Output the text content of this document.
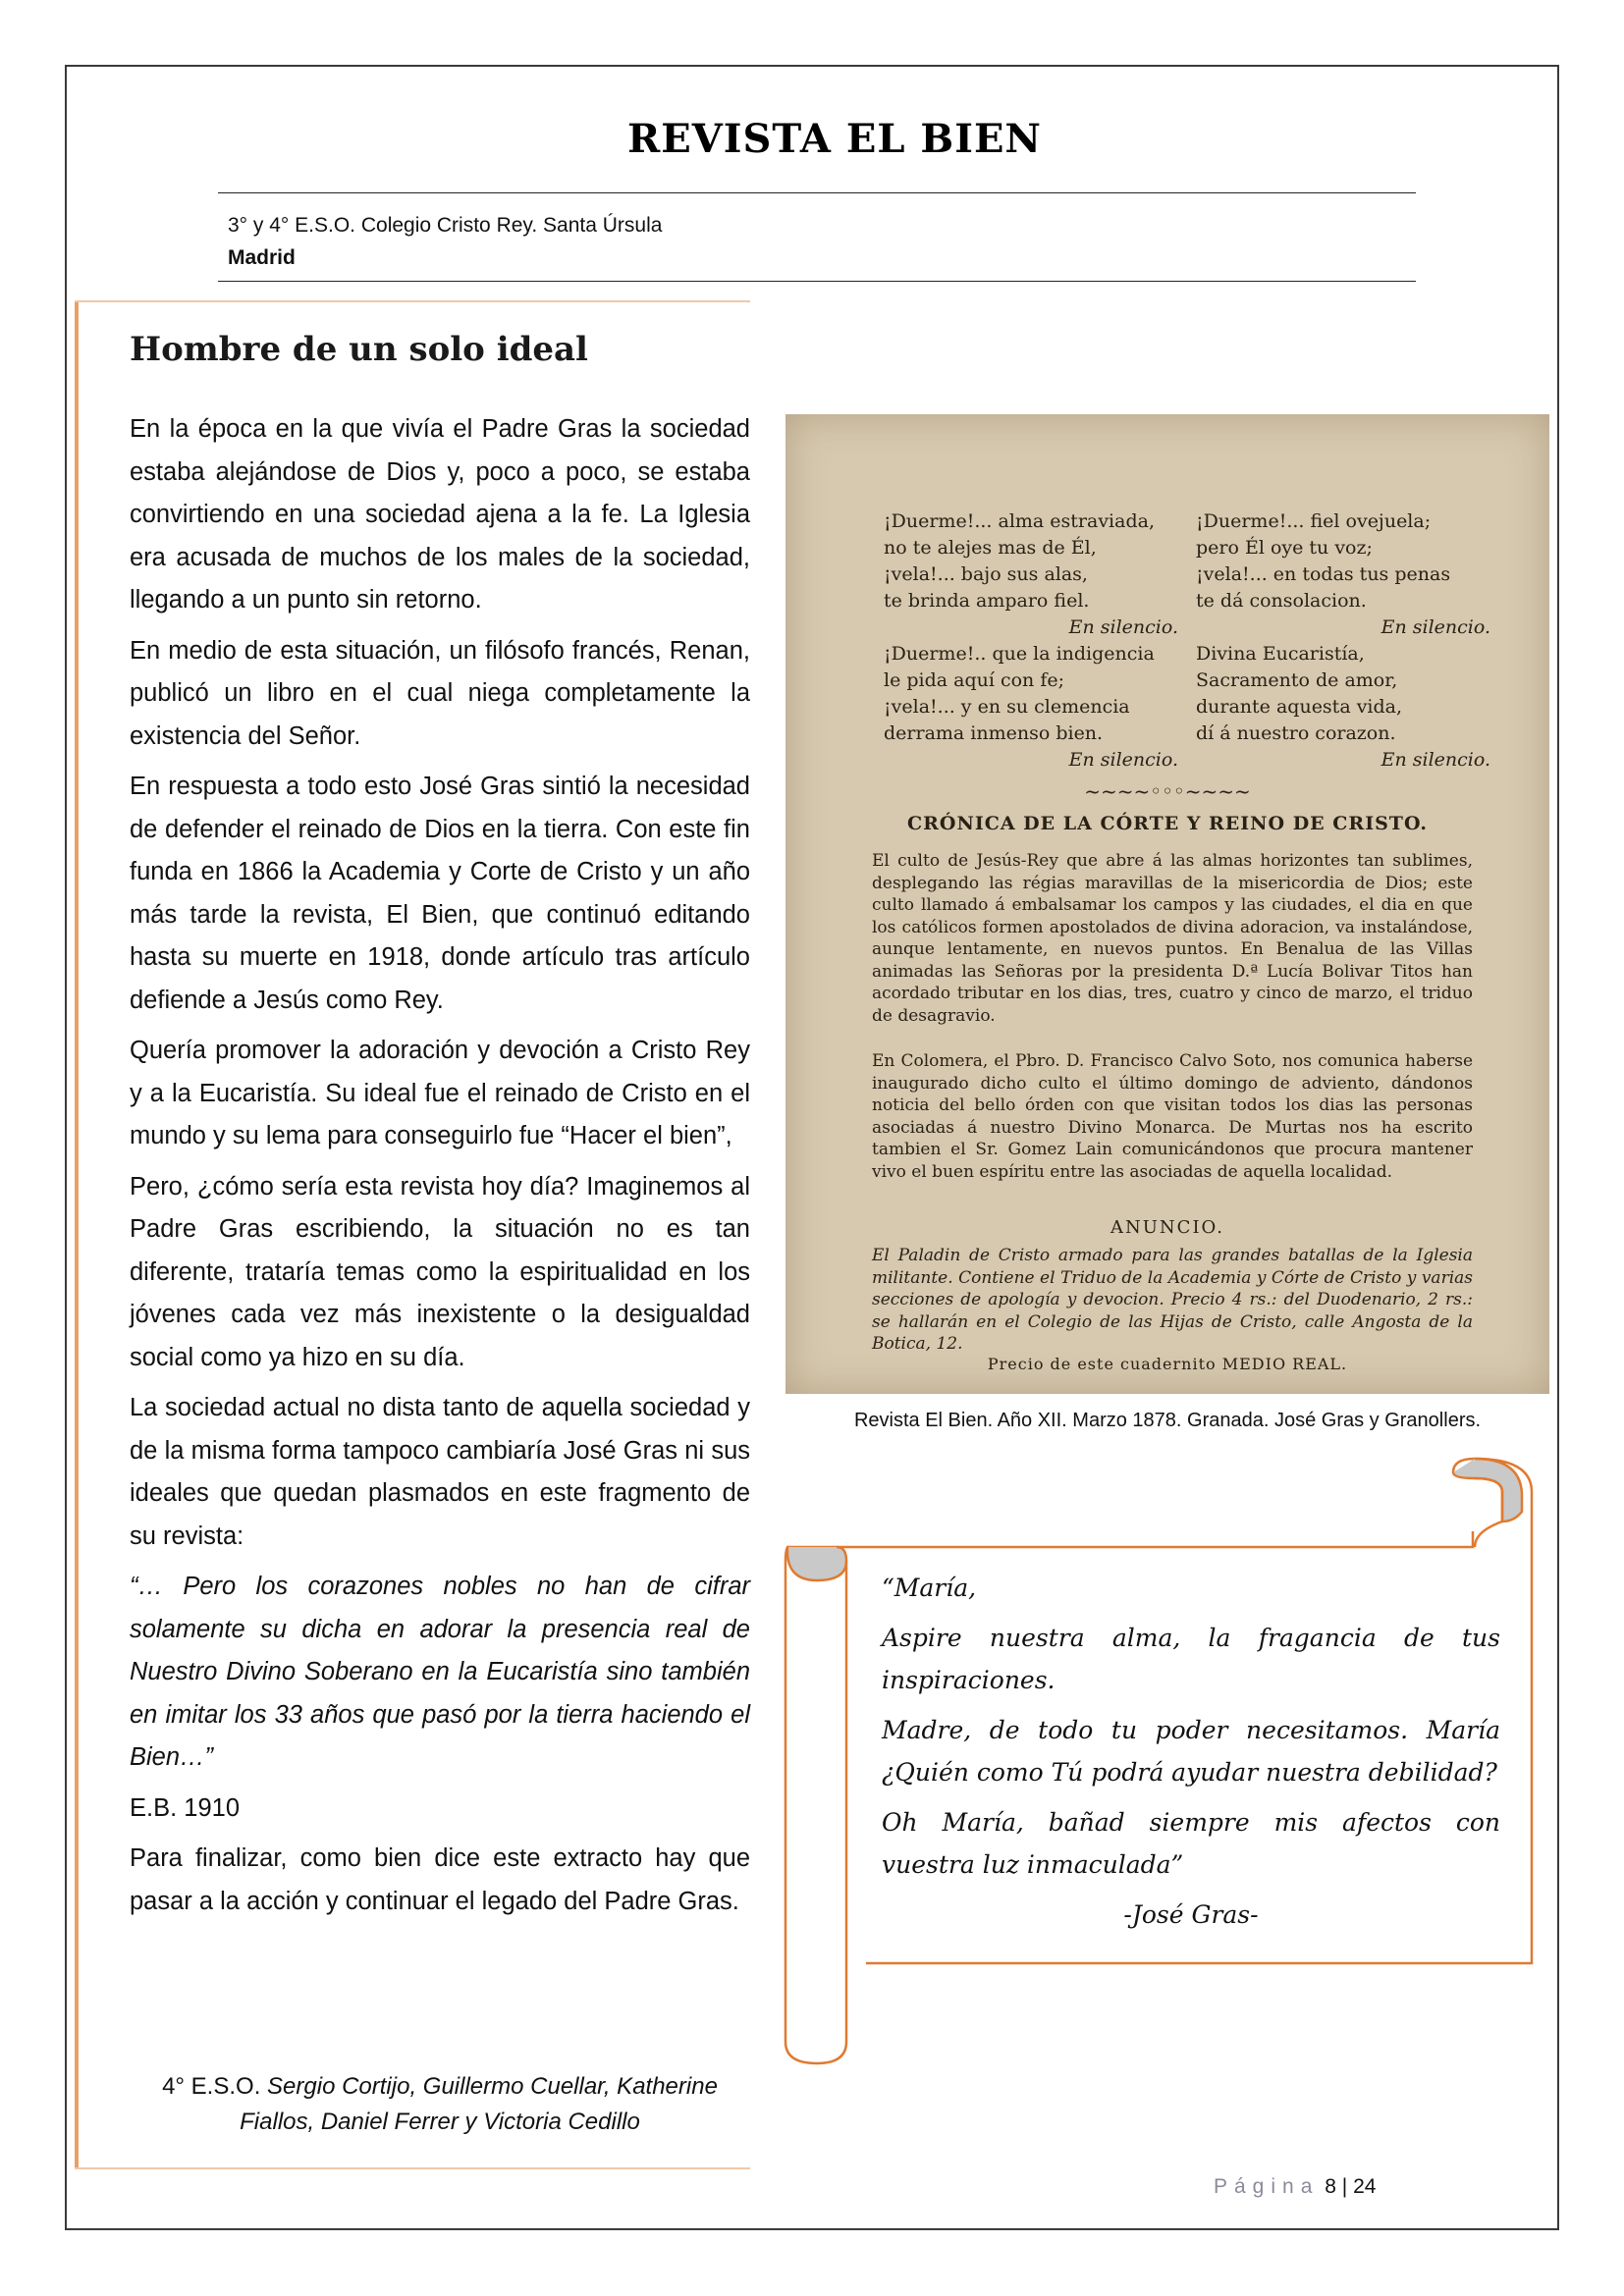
REVISTA EL BIEN
3° y 4° E.S.O. Colegio Cristo Rey. Santa Úrsula
Madrid
Hombre de un solo ideal

En la época en la que vivía el Padre Gras la sociedad estaba alejándose de Dios y, poco a poco, se estaba convirtiendo en una sociedad ajena a la fe. La Iglesia era acusada de muchos de los males de la sociedad, llegando a un punto sin retorno.

En medio de esta situación, un filósofo francés, Renan, publicó un libro en el cual niega completamente la existencia del Señor.

En respuesta a todo esto José Gras sintió la necesidad de defender el reinado de Dios en la tierra. Con este fin funda en 1866 la Academia y Corte de Cristo y un año más tarde la revista, El Bien, que continuó editando hasta su muerte en 1918, donde artículo tras artículo defiende a Jesús como Rey.

Quería promover la adoración y devoción a Cristo Rey y a la Eucaristía. Su ideal fue el reinado de Cristo en el mundo y su lema para conseguirlo fue “Hacer el bien”,

Pero, ¿cómo sería esta revista hoy día? Imaginemos al Padre Gras escribiendo, la situación no es tan diferente, trataría temas como la espiritualidad en los jóvenes cada vez más inexistente o la desigualdad social como ya hizo en su día.

La sociedad actual no dista tanto de aquella sociedad y de la misma forma tampoco cambiaría José Gras ni sus ideales que quedan plasmados en este fragmento de su revista:

“… Pero los corazones nobles no han de cifrar solamente su dicha en adorar la presencia real de Nuestro Divino Soberano en la Eucaristía sino también en imitar los 33 años que pasó por la tierra haciendo el Bien…”

E.B. 1910

Para finalizar, como bien dice este extracto hay que pasar a la acción y continuar el legado del Padre Gras.

4° E.S.O. Sergio Cortijo, Guillermo Cuellar, Katherine Fiallos, Daniel Ferrer y Victoria Cedillo
¡Duerme!... alma estraviada,
no te alejes mas de Él,
¡vela!... bajo sus alas,
te brinda amparo fiel.
En silencio.
¡Duerme!.. que la indigencia
le pida aquí con fe;
¡vela!... y en su clemencia
derrama inmenso bien.
En silencio.
¡Duerme!... fiel ovejuela;
pero Él oye tu voz;
¡vela!... en todas tus penas
te dá consolacion.
En silencio.
Divina Eucaristía,
Sacramento de amor,
durante aquesta vida,
dí á nuestro corazon.
En silencio.
~~~~◦◦◦~~~~
CRÓNICA DE LA CÓRTE Y REINO DE CRISTO.
El culto de Jesús-Rey que abre á las almas horizontes tan sublimes, desplegando las régias maravillas de la misericordia de Dios; este culto llamado á embalsamar los campos y las ciudades, el dia en que los católicos formen apostolados de divina adoracion, va instalándose, aunque lentamente, en nuevos puntos. En Benalua de las Villas animadas las Señoras por la presidenta D.ª Lucía Bolivar Titos han acordado tributar en los dias, tres, cuatro y cinco de marzo, el triduo de desagravio.
En Colomera, el Pbro. D. Francisco Calvo Soto, nos comunica haberse inaugurado dicho culto el último domingo de adviento, dándonos noticia del bello órden con que visitan todos los dias las personas asociadas á nuestro Divino Monarca. De Murtas nos ha escrito tambien el Sr. Gomez Lain comunicándonos que procura mantener vivo el buen espíritu entre las asociadas de aquella localidad.
ANUNCIO.
El Paladin de Cristo armado para las grandes batallas de la Iglesia militante. Contiene el Triduo de la Academia y Córte de Cristo y varias secciones de apología y devocion. Precio 4 rs.: del Duodenario, 2 rs.: se hallarán en el Colegio de las Hijas de Cristo, calle Angosta de la Botica, 12.
Precio de este cuadernito MEDIO REAL.
Revista El Bien. Año XII. Marzo 1878. Granada. José Gras y Granollers.

“María,

Aspire nuestra alma, la fragancia de tus inspiraciones.

Madre, de todo tu poder necesitamos. María ¿Quién como Tú podrá ayudar nuestra debilidad?

Oh María, bañad siempre mis afectos con vuestra luz inmaculada”

-José Gras-

Página 8 | 24
